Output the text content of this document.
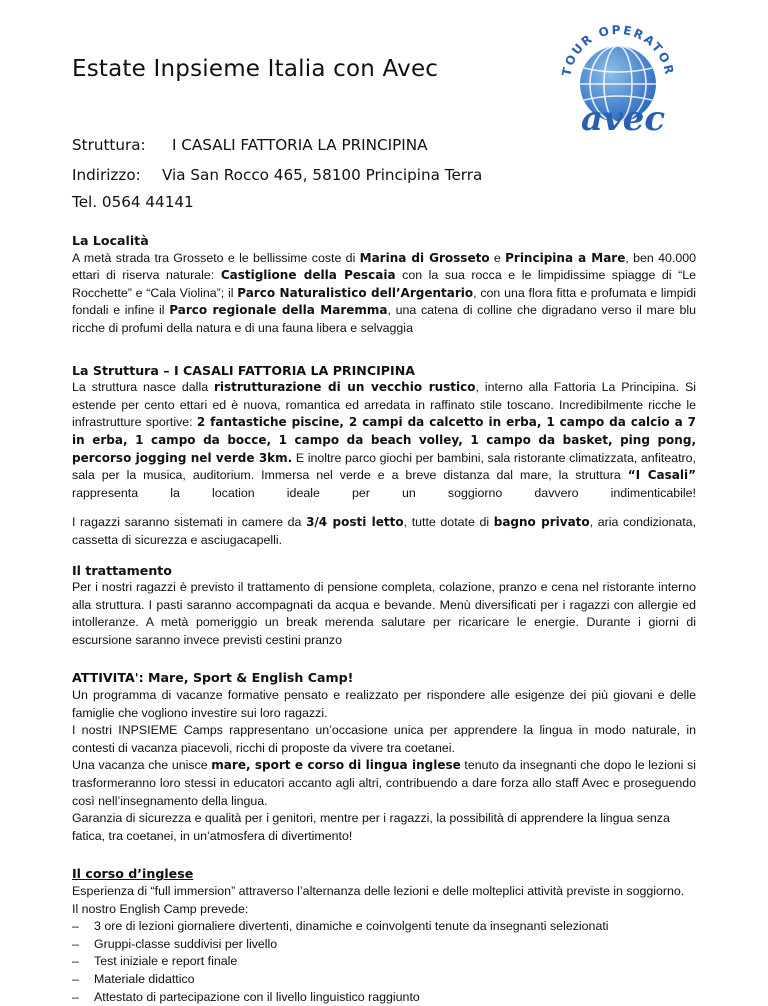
Estate Inpsieme Italia con Avec	TOUR OPERATOR
avec
Struttura: I CASALI FATTORIA LA PRINCIPINA
Indirizzo: Via San Rocco 465, 58100 Principina Terra
Tel. 0564 44141

La Località

A metà strada tra Grosseto e le bellissime coste di Marina di Grosseto e Principina a Mare, ben 40.000 ettari di riserva naturale: Castiglione della Pescaia con la sua rocca e le limpidissime spiagge di “Le Rocchette” e “Cala Violina”; il Parco Naturalistico dell’Argentario, con una flora fitta e profumata e limpidi fondali e infine il Parco regionale della Maremma, una catena di colline che digradano verso il mare blu ricche di profumi della natura e di una fauna libera e selvaggia

La Struttura – I CASALI FATTORIA LA PRINCIPINA

La struttura nasce dalla ristrutturazione di un vecchio rustico, interno alla Fattoria La Principina. Si estende per cento ettari ed è nuova, romantica ed arredata in raffinato stile toscano. Incredibilmente ricche le infrastrutture sportive: 2 fantastiche piscine, 2 campi da calcetto in erba, 1 campo da calcio a 7 in erba, 1 campo da bocce, 1 campo da beach volley, 1 campo da basket, ping pong, percorso jogging nel verde 3km. E inoltre parco giochi per bambini, sala ristorante climatizzata, anfiteatro, sala per la musica, auditorium. Immersa nel verde e a breve distanza dal mare, la struttura “I Casali” rappresenta la location ideale per un soggiorno davvero indimenticabile!

I ragazzi saranno sistemati in camere da 3/4 posti letto, tutte dotate di bagno privato, aria condizionata, cassetta di sicurezza e asciugacapelli.

Il trattamento

Per i nostri ragazzi è previsto il trattamento di pensione completa, colazione, pranzo e cena nel ristorante interno alla struttura. I pasti saranno accompagnati da acqua e bevande. Menù diversificati per i ragazzi con allergie ed intolleranze. A metà pomeriggio un break merenda salutare per ricaricare le energie. Durante i giorni di escursione saranno invece previsti cestini pranzo

ATTIVITA': Mare, Sport & English Camp!

Un programma di vacanze formative pensato e realizzato per rispondere alle esigenze dei più giovani e delle famiglie che vogliono investire sui loro ragazzi.

I nostri INPSIEME Camps rappresentano un’occasione unica per apprendere la lingua in modo naturale, in contesti di vacanza piacevoli, ricchi di proposte da vivere tra coetanei.

Una vacanza che unisce mare, sport e corso di lingua inglese tenuto da insegnanti che dopo le lezioni si trasformeranno loro stessi in educatori accanto agli altri, contribuendo a dare forza allo staff Avec e proseguendo così nell’insegnamento della lingua.

Garanzia di sicurezza e qualità per i genitori, mentre per i ragazzi, la possibilità di apprendere la lingua senza fatica, tra coetanei, in un’atmosfera di divertimento!

Il corso d’inglese

Esperienza di “full immersion” attraverso l’alternanza delle lezioni e delle molteplici attività previste in soggiorno.

Il nostro English Camp prevede:

– 3 ore di lezioni giornaliere divertenti, dinamiche e coinvolgenti tenute da insegnanti selezionati
– Gruppi-classe suddivisi per livello
– Test iniziale e report finale
– Materiale didattico
– Attestato di partecipazione con il livello linguistico raggiunto
